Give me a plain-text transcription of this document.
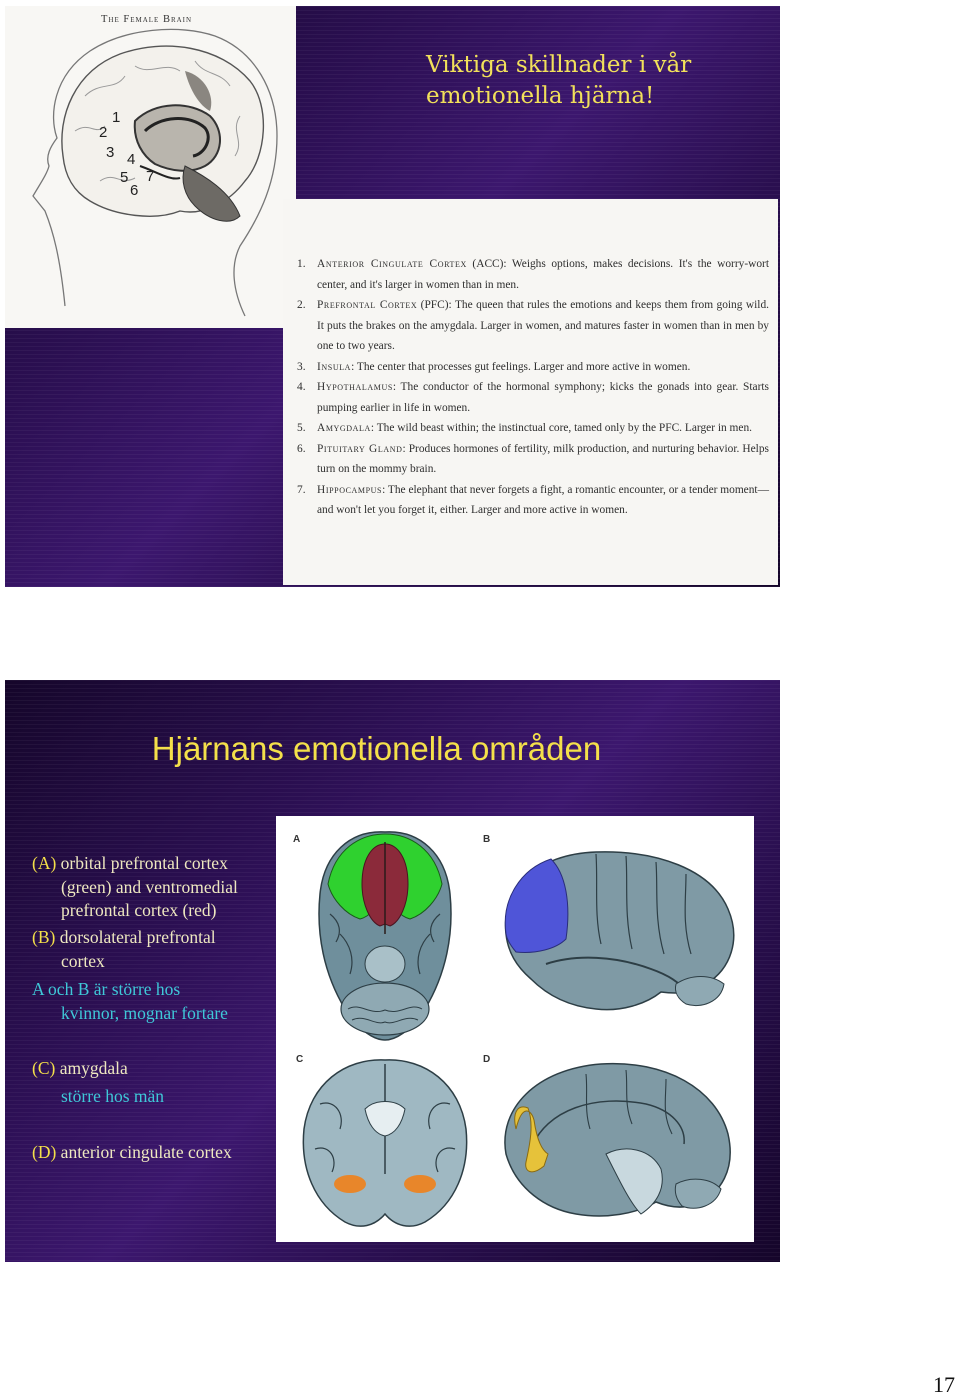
The Female Brain
1
2
3 4
5
6
7
Viktiga skillnader i vår
emotionella hjärna!
1. Anterior Cingulate Cortex (ACC): Weighs options, makes decisions. It's the worry-wort center, and it's larger in women than in men.
2. Prefrontal Cortex (PFC): The queen that rules the emotions and keeps them from going wild. It puts the brakes on the amygdala. Larger in women, and matures faster in women than in men by one to two years.
3. Insula: The center that processes gut feelings. Larger and more active in women.
4. Hypothalamus: The conductor of the hormonal symphony; kicks the gonads into gear. Starts pumping earlier in life in women.
5. Amygdala: The wild beast within; the instinctual core, tamed only by the PFC. Larger in men.
6. Pituitary Gland: Produces hormones of fertility, milk production, and nurturing behavior. Helps turn on the mommy brain.
7. Hippocampus: The elephant that never forgets a fight, a romantic encounter, or a tender moment—and won't let you forget it, either. Larger and more active in women.
Hjärnans emotionella områden
(A) orbital prefrontal cortex
(green) and ventromedial
prefrontal cortex (red)
(B) dorsolateral prefrontal
cortex
A och B är större hos
kvinnor, mognar fortare
(C) amygdala
större hos män
(D) anterior cingulate cortex
A	B
C	D
17
